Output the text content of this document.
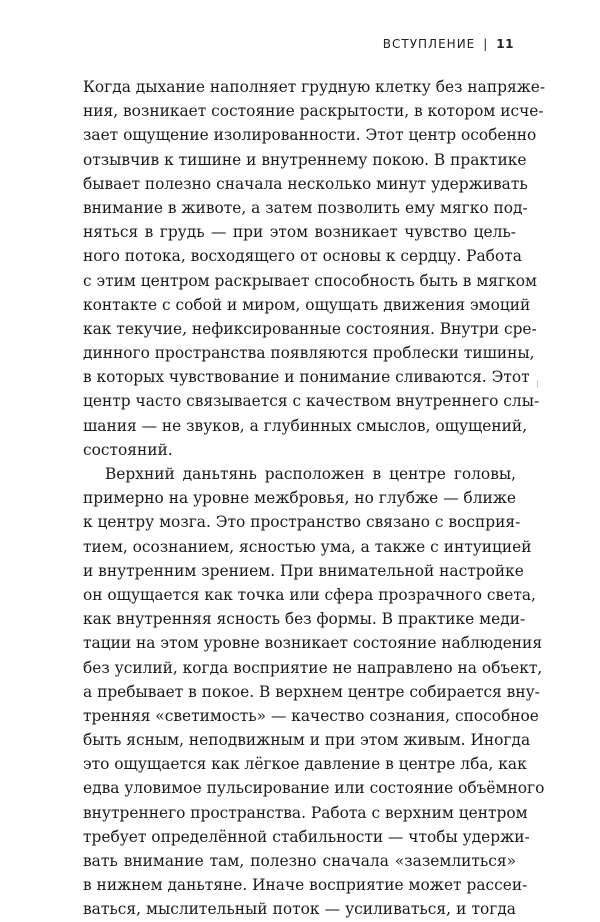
ВСТУПЛЕНИЕ | 11
Когда дыхание наполняет грудную клетку без напряже-
ния, возникает состояние раскрытости, в котором исче-
зает ощущение изолированности. Этот центр особенно
отзывчив к тишине и внутреннему покою. В практике
бывает полезно сначала несколько минут удерживать
внимание в животе, а затем позволить ему мягко под-
няться в грудь — при этом возникает чувство цель-
ного потока, восходящего от основы к сердцу. Работа
с этим центром раскрывает способность быть в мягком
контакте с собой и миром, ощущать движения эмоций
как текучие, нефиксированные состояния. Внутри сре-
динного пространства появляются проблески тишины,
в которых чувствование и понимание сливаются. Этот
центр часто связывается с качеством внутреннего слы-
шания — не звуков, а глубинных смыслов, ощущений,
состояний.
Верхний даньтянь расположен в центре головы,
примерно на уровне межбровья, но глубже — ближе
к центру мозга. Это пространство связано с восприя-
тием, осознанием, ясностью ума, а также с интуицией
и внутренним зрением. При внимательной настройке
он ощущается как точка или сфера прозрачного света,
как внутренняя ясность без формы. В практике меди-
тации на этом уровне возникает состояние наблюдения
без усилий, когда восприятие не направлено на объект,
а пребывает в покое. В верхнем центре собирается вну-
тренняя «светимость» — качество сознания, способное
быть ясным, неподвижным и при этом живым. Иногда
это ощущается как лёгкое давление в центре лба, как
едва уловимое пульсирование или состояние объёмного
внутреннего пространства. Работа с верхним центром
требует определённой стабильности — чтобы удержи-
вать внимание там, полезно сначала «заземлиться»
в нижнем даньтяне. Иначе восприятие может рассеи-
ваться, мыслительный поток — усиливаться, и тогда
